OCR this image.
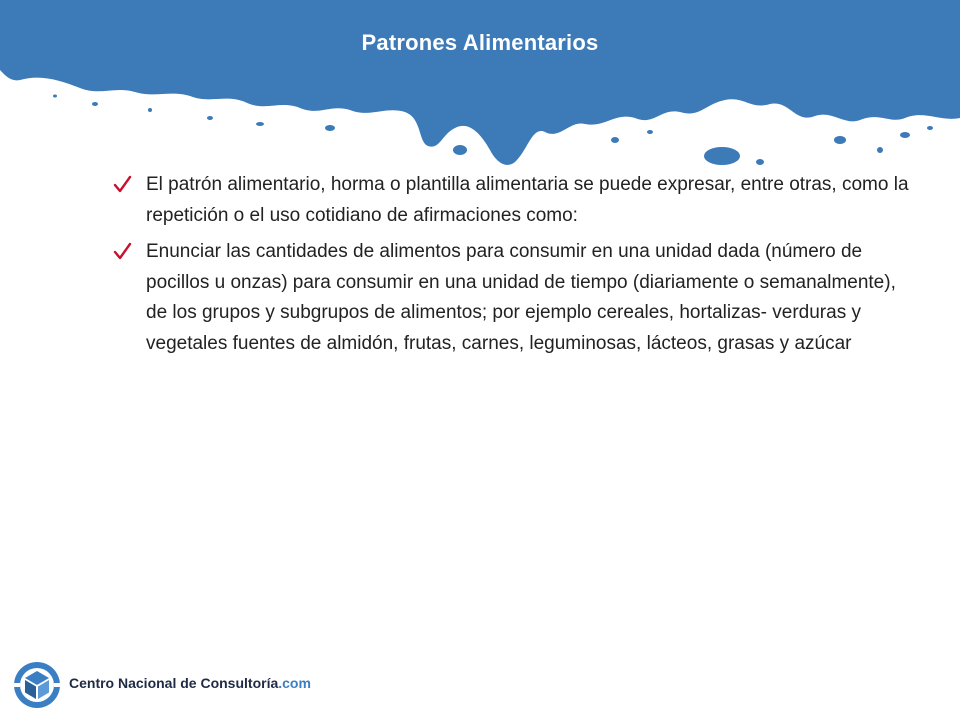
Patrones Alimentarios
El patrón alimentario, horma o plantilla alimentaria se puede expresar, entre otras, como la repetición o el uso cotidiano de afirmaciones como:
Enunciar las cantidades de alimentos para consumir en una unidad dada (número de pocillos u onzas) para consumir en una unidad de tiempo (diariamente o semanalmente), de los grupos y subgrupos de alimentos; por ejemplo cereales, hortalizas- verduras y vegetales fuentes de almidón, frutas, carnes, leguminosas, lácteos, grasas y azúcar
Centro Nacional de Consultoría.com
